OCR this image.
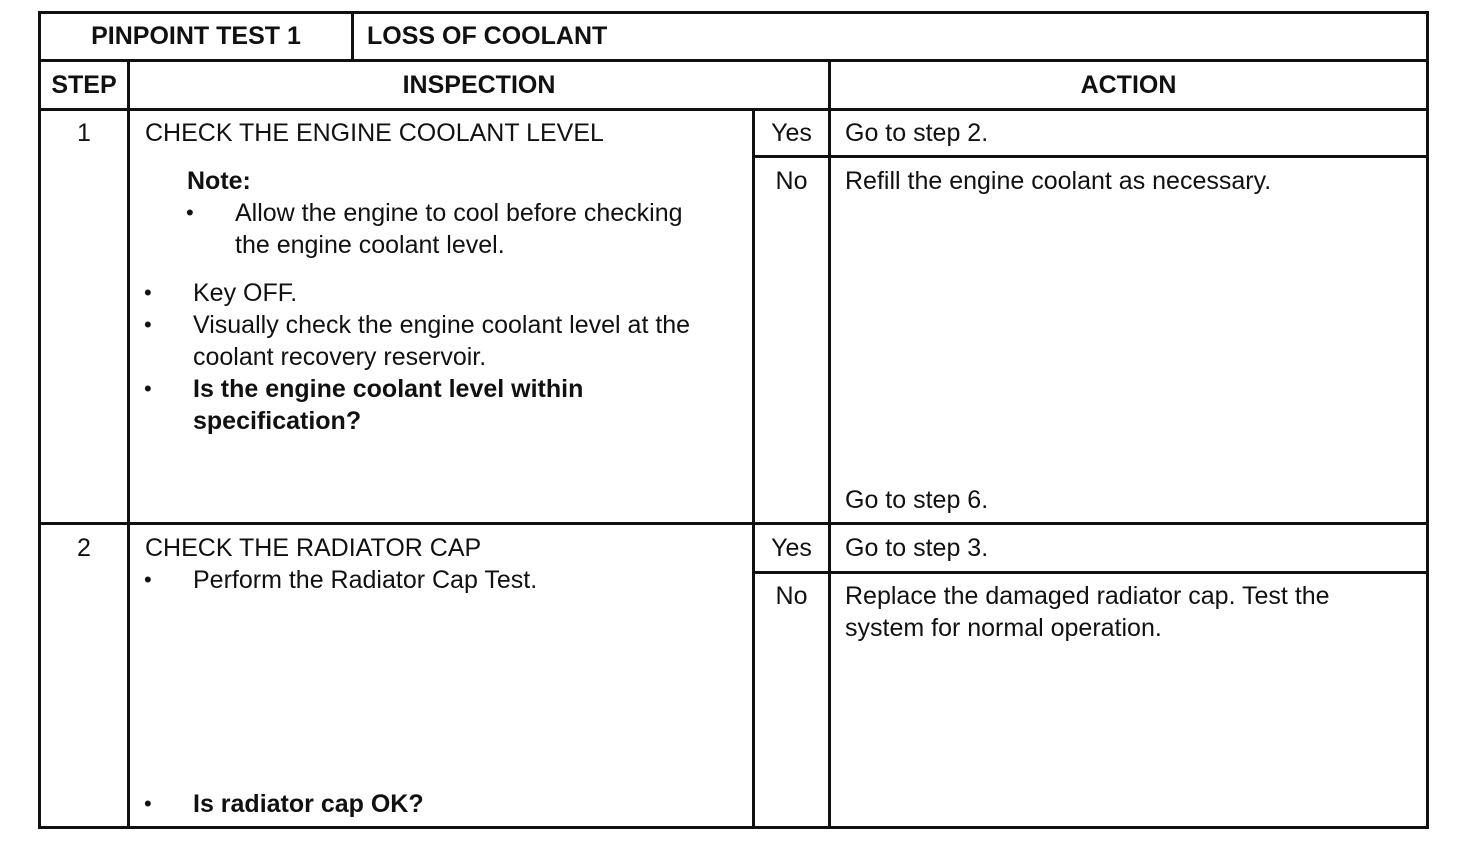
PINPOINT TEST 1	LOSS OF COOLANT
STEP	INSPECTION	ACTION
1	CHECK THE ENGINE COOLANT LEVEL
Note:
• Allow the engine to cool before checking
the engine coolant level.
• Key OFF.
• Visually check the engine coolant level at the
coolant recovery reservoir.
• Is the engine coolant level within
specification?
Yes	Go to step 2.
No	Refill the engine coolant as necessary.
Go to step 6.
2	CHECK THE RADIATOR CAP
• Perform the Radiator Cap Test.
• Is radiator cap OK?
Yes	Go to step 3.
No	Replace the damaged radiator cap. Test the
system for normal operation.
